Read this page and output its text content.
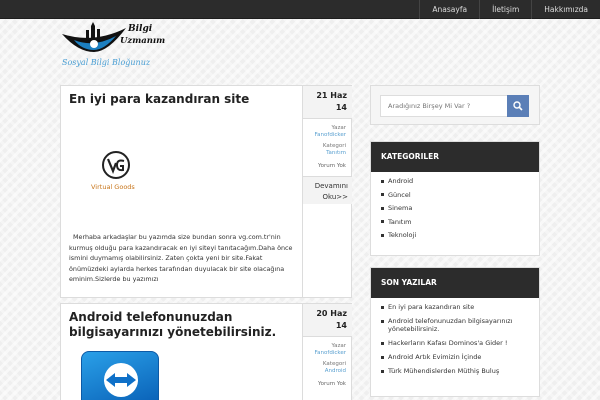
Anasayfa	İletişim	Hakkımızda
Bilgi
Uzmanım
Sosyal Bilgi Bloğunuz
En iyi para kazandıran site
Virtual Goods
Merhaba arkadaşlar bu yazımda size bundan sonra vg.com.tr'nin kurmuş olduğu para kazandıracak en iyi siteyi tanıtacağım.Daha önce ismini duymamış olabilirsiniz. Zaten çokta yeni bir site.Fakat önümüzdeki aylarda herkes tarafından duyulacak bir site olacağına eminim.Sizlerde bu yazımızı
21 Haz
14
Yazar
Fanofdicker
Kategori
Tanıtım
Yorum Yok
Devamını Oku>>
Android telefonunuzdan bilgisayarınızı yönetebilirsiniz.
20 Haz
14
Yazar
Fanofdicker
Kategori
Android
Yorum Yok
Aradığınız Birşey Mi Var ?
KATEGORILER
Android
Güncel
Sinema
Tanıtım
Teknoloji
SON YAZILAR
En iyi para kazandıran site
Android telefonunuzdan bilgisayarınızı yönetebilirsiniz.
Hackerların Kafası Dominos'a Gider !
Android Artık Evimizin İçinde
Türk Mühendislerden Müthiş Buluş
